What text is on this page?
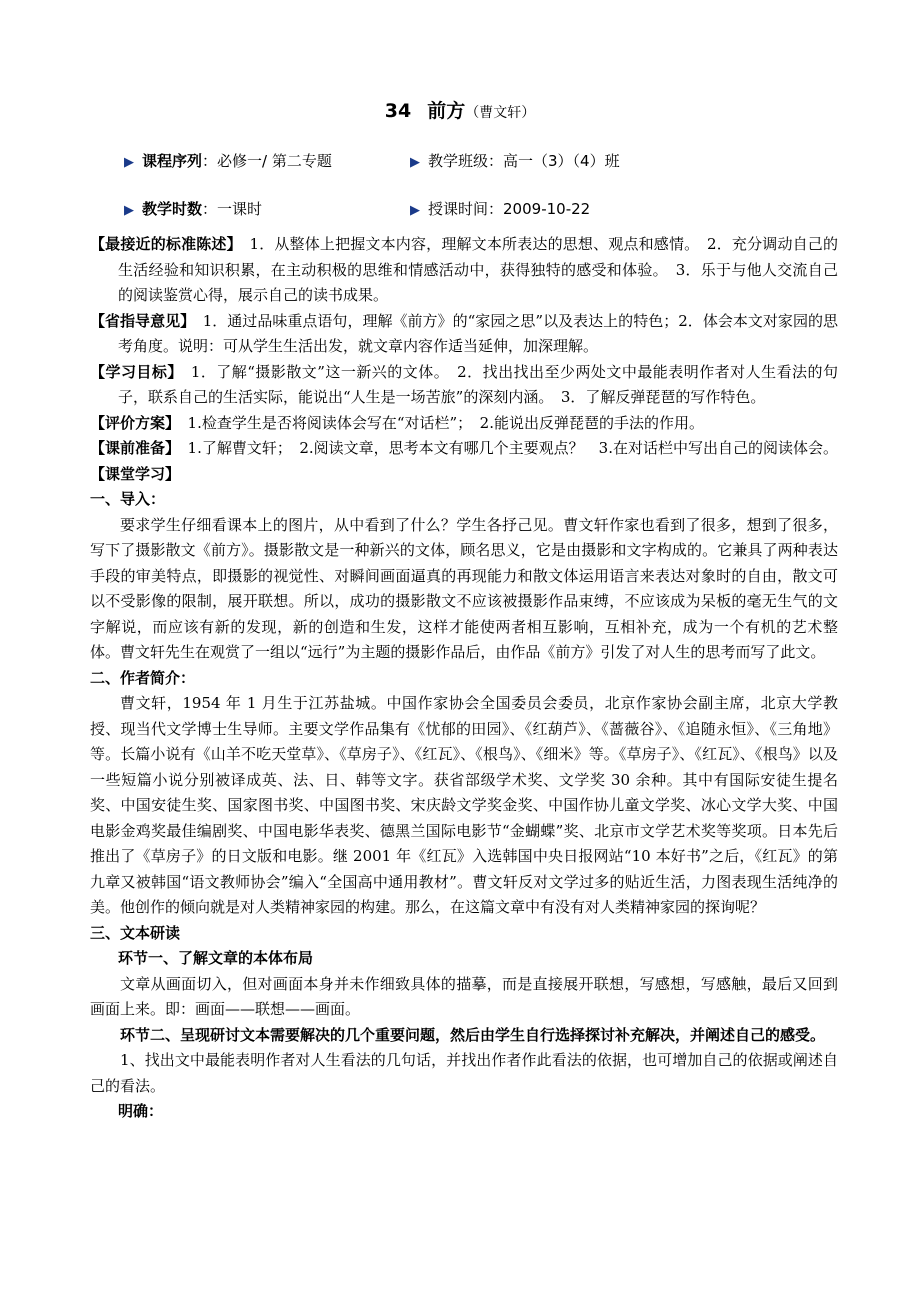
34 前方（曹文轩）
▶ 课程序列：必修一/ 第二专题	▶ 教学班级：高一（3）（4）班
▶ 教学时数：一课时	▶ 授课时间：2009-10-22

【最接近的标准陈述】　 1．从整体上把握文本内容，理解文本所表达的思想、观点和感情。　2．充分调动自己的生活经验和知识积累，在主动积极的思维和情感活动中，获得独特的感受和体验。　3．乐于与他人交流自己的阅读鉴赏心得，展示自己的读书成果。

【省指导意见】　 1．通过品味重点语句，理解《前方》的“家园之思”以及表达上的特色；2．体会本文对家园的思考角度。说明：可从学生生活出发，就文章内容作适当延伸，加深理解。

【学习目标】　 1．了解“摄影散文”这一新兴的文体。　2．找出找出至少两处文中最能表明作者对人生看法的句子，联系自己的生活实际，能说出“人生是一场苦旅”的深刻内涵。　3．了解反弹琵琶的写作特色。

【评价方案】　 1.检查学生是否将阅读体会写在“对话栏”；　2.能说出反弹琵琶的手法的作用。

【课前准备】　 1.了解曹文轩；　2.阅读文章，思考本文有哪几个主要观点？　3.在对话栏中写出自己的阅读体会。

【课堂学习】

一、导入：

要求学生仔细看课本上的图片，从中看到了什么？学生各抒己见。曹文轩作家也看到了很多，想到了很多，写下了摄影散文《前方》。摄影散文是一种新兴的文体，顾名思义，它是由摄影和文字构成的。它兼具了两种表达手段的审美特点，即摄影的视觉性、对瞬间画面逼真的再现能力和散文体运用语言来表达对象时的自由，散文可以不受影像的限制，展开联想。所以，成功的摄影散文不应该被摄影作品束缚，不应该成为呆板的毫无生气的文字解说，而应该有新的发现，新的创造和生发，这样才能使两者相互影响，互相补充，成为一个有机的艺术整体。曹文轩先生在观赏了一组以“远行”为主题的摄影作品后，由作品《前方》引发了对人生的思考而写了此文。

二、作者简介：

曹文轩，1954 年 1 月生于江苏盐城。中国作家协会全国委员会委员，北京作家协会副主席，北京大学教授、现当代文学博士生导师。主要文学作品集有《忧郁的田园》、《红葫芦》、《蔷薇谷》、《追随永恒》、《三角地》等。长篇小说有《山羊不吃天堂草》、《草房子》、《红瓦》、《根鸟》、《细米》等。《草房子》、《红瓦》、《根鸟》以及一些短篇小说分别被译成英、法、日、韩等文字。获省部级学术奖、文学奖 30 余种。其中有国际安徒生提名奖、中国安徒生奖、国家图书奖、中国图书奖、宋庆龄文学奖金奖、中国作协儿童文学奖、冰心文学大奖、中国电影金鸡奖最佳编剧奖、中国电影华表奖、德黑兰国际电影节“金蝴蝶”奖、北京市文学艺术奖等奖项。日本先后推出了《草房子》的日文版和电影。继 2001 年《红瓦》入选韩国中央日报网站“10 本好书”之后，《红瓦》的第九章又被韩国“语文教师协会”编入“全国高中通用教材”。曹文轩反对文学过多的贴近生活，力图表现生活纯净的美。他创作的倾向就是对人类精神家园的构建。那么，在这篇文章中有没有对人类精神家园的探询呢？

三、文本研读

环节一、了解文章的本体布局

文章从画面切入，但对画面本身并未作细致具体的描摹，而是直接展开联想，写感想，写感触，最后又回到画面上来。即：画面——联想——画面。

环节二、呈现研讨文本需要解决的几个重要问题，然后由学生自行选择探讨补充解决，并阐述自己的感受。

1、找出文中最能表明作者对人生看法的几句话，并找出作者作此看法的依据，也可增加自己的依据或阐述自己的看法。

明确：
